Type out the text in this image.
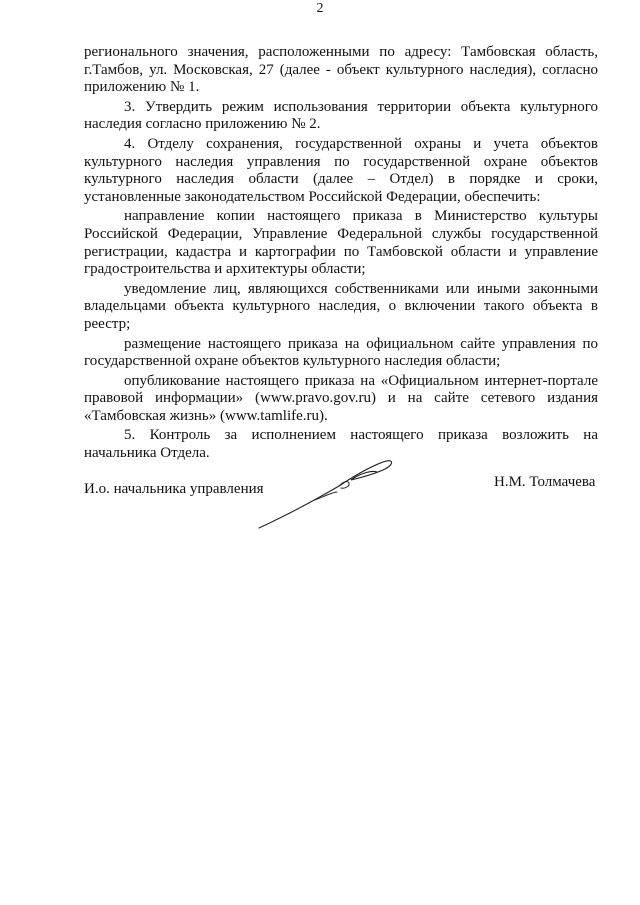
2

регионального значения, расположенными по адресу: Тамбовская область, г.Тамбов, ул. Московская, 27 (далее - объект культурного наследия), согласно приложению № 1.

3. Утвердить режим использования территории объекта культурного наследия согласно приложению № 2.

4. Отделу сохранения, государственной охраны и учета объектов культурного наследия управления по государственной охране объектов культурного наследия области (далее – Отдел) в порядке и сроки, установленные законодательством Российской Федерации, обеспечить:

направление копии настоящего приказа в Министерство культуры Российской Федерации, Управление Федеральной службы государственной регистрации, кадастра и картографии по Тамбовской области и управление градостроительства и архитектуры области;

уведомление лиц, являющихся собственниками или иными законными владельцами объекта культурного наследия, о включении такого объекта в реестр;

размещение настоящего приказа на официальном сайте управления по государственной охране объектов культурного наследия области;

опубликование настоящего приказа на «Официальном интернет-портале правовой информации» (www.pravo.gov.ru) и на сайте сетевого издания «Тамбовская жизнь» (www.tamlife.ru).

5. Контроль за исполнением настоящего приказа возложить на начальника Отдела.

И.о. начальника управления	Н.М. Толмачева
